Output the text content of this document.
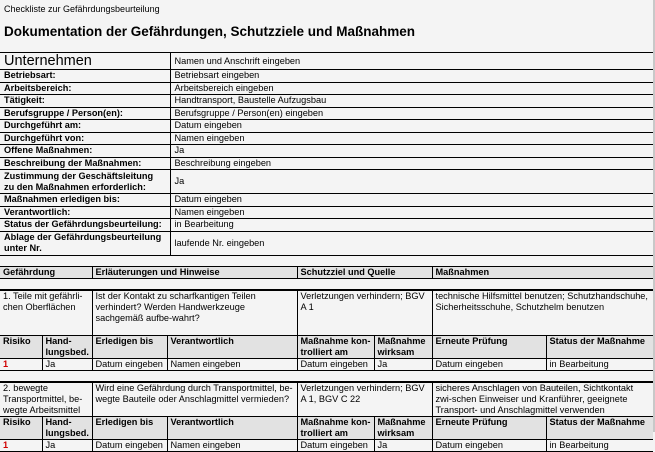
Checkliste zur Gefährdungsbeurteilung
Dokumentation der Gefährdungen, Schutzziele und Maßnahmen
Unternehmen	Namen und Anschrift eingeben
Betriebsart:	Betriebsart eingeben
Arbeitsbereich:	Arbeitsbereich eingeben
Tätigkeit:	Handtransport, Baustelle Aufzugsbau
Berufsgruppe / Person(en):	Berufsgruppe / Person(en) eingeben
Durchgeführt am:	Datum eingeben
Durchgeführt von:	Namen eingeben
Offene Maßnahmen:	Ja
Beschreibung der Maßnahmen:	Beschreibung eingeben
Zustimmung der Geschäftsleitung zu den Maßnahmen erforderlich:	Ja
Maßnahmen erledigen bis:	Datum eingeben
Verantwortlich:	Namen eingeben
Status der Gefährdungsbeurteilung:	in Bearbeitung
Ablage der Gefährdungsbeurteilung unter Nr.	laufende Nr. eingeben
Gefährdung		Erläuterungen und Hinweise		Schutzziel und Quelle		Maßnahmen	

1. Teile mit gefährli-chen Oberflächen		Ist der Kontakt zu scharfkantigen Teilen verhindert? Werden Handwerkzeuge sachgemäß aufbe-wahrt?		Verletzungen verhindern; BGV A 1		technische Hilfsmittel benutzen; Schutzhandschuhe, Sicherheitsschuhe, Schutzhelm benutzen	
Risiko	Hand-lungsbed.	Erledigen bis	Verantwortlich	Maßnahme kon-trolliert am	Maßnahme wirksam	Erneute Prüfung	Status der Maßnahme
1	Ja	Datum eingeben	Namen eingeben	Datum eingeben	Ja	Datum eingeben	in Bearbeitung

2. bewegte Transportmittel, be-wegte Arbeitsmittel		Wird eine Gefährdung durch Transportmittel, be-wegte Bauteile oder Anschlagmittel vermieden?		Verletzungen verhindern; BGV A 1, BGV C 22		sicheres Anschlagen von Bauteilen, Sichtkontakt zwi-schen Einweiser und Kranführer, geeignete Transport- und Anschlagmittel verwenden	
Risiko	Hand-lungsbed.	Erledigen bis	Verantwortlich	Maßnahme kon-trolliert am	Maßnahme wirksam	Erneute Prüfung	Status der Maßnahme
1	Ja	Datum eingeben	Namen eingeben	Datum eingeben	Ja	Datum eingeben	in Bearbeitung
